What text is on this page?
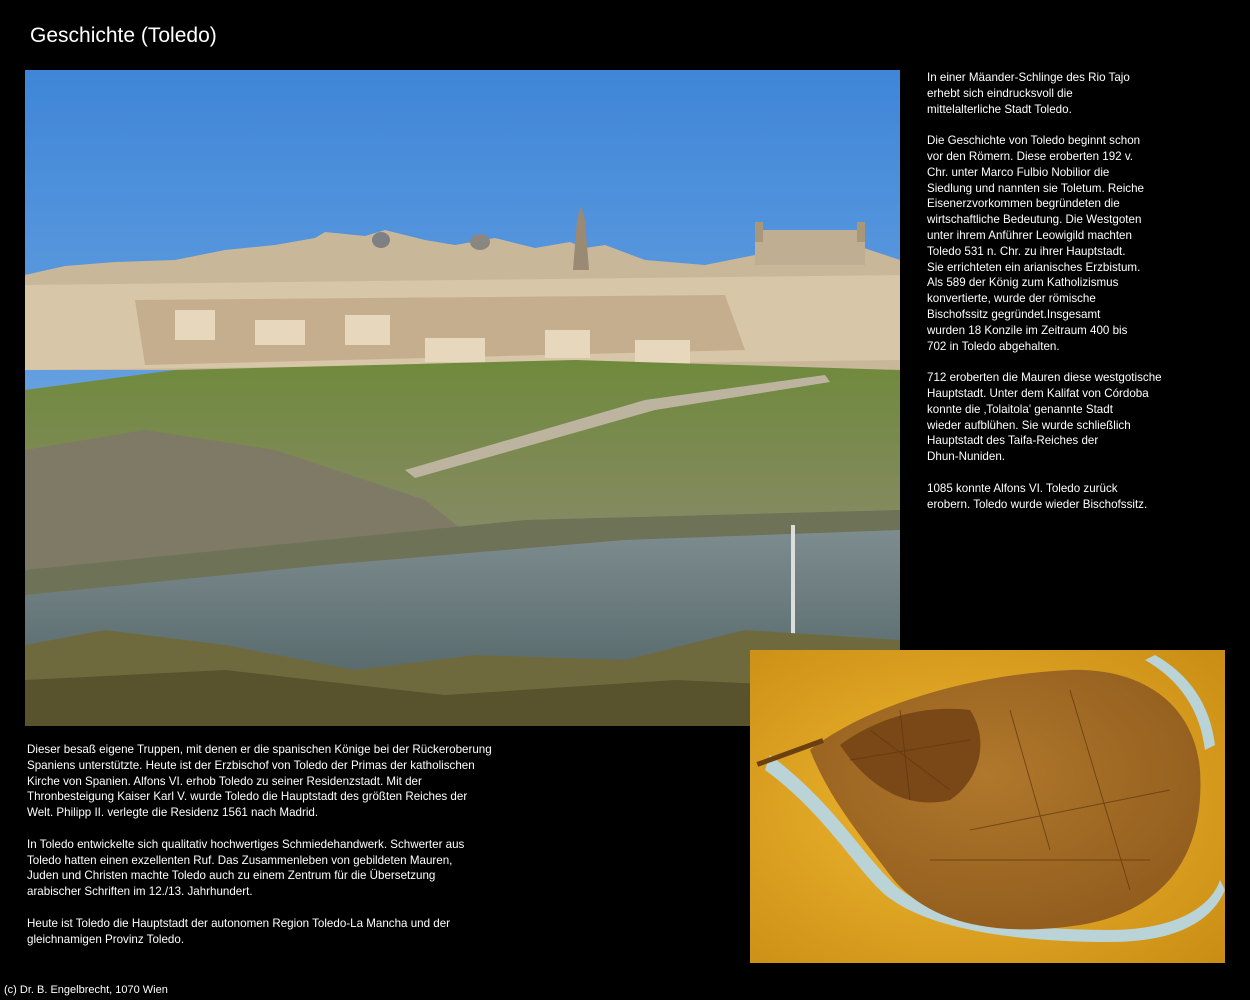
Geschichte (Toledo)

In einer Mäander-Schlinge des Rio Tajo
erhebt sich eindrucksvoll die
mittelalterliche Stadt Toledo.

Die Geschichte von Toledo beginnt schon
vor den Römern. Diese eroberten 192 v.
Chr. unter Marco Fulbio Nobilior die
Siedlung und nannten sie Toletum. Reiche
Eisenerzvorkommen begründeten die
wirtschaftliche Bedeutung. Die Westgoten
unter ihrem Anführer Leowigild machten
Toledo 531 n. Chr. zu ihrer Hauptstadt.
Sie errichteten ein arianisches Erzbistum.
Als 589 der König zum Katholizismus
konvertierte, wurde der römische
Bischofssitz gegründet.Insgesamt
wurden 18 Konzile im Zeitraum 400 bis
702 in Toledo abgehalten.

712 eroberten die Mauren diese westgotische
Hauptstadt. Unter dem Kalifat von Córdoba
konnte die ‚Tolaitola' genannte Stadt
wieder aufblühen. Sie wurde schließlich
Hauptstadt des Taifa-Reiches der
Dhun-Nuniden.

1085 konnte Alfons VI. Toledo zurück
erobern. Toledo wurde wieder Bischofssitz.

Dieser besaß eigene Truppen, mit denen er die spanischen Könige bei der Rückeroberung
Spaniens unterstützte. Heute ist der Erzbischof von Toledo der Primas der katholischen
Kirche von Spanien. Alfons VI. erhob Toledo zu seiner Residenzstadt. Mit der
Thronbesteigung Kaiser Karl V. wurde Toledo die Hauptstadt des größten Reiches der
Welt. Philipp II. verlegte die Residenz 1561 nach Madrid.

In Toledo entwickelte sich qualitativ hochwertiges Schmiedehandwerk. Schwerter aus
Toledo hatten einen exzellenten Ruf. Das Zusammenleben von gebildeten Mauren,
Juden und Christen machte Toledo auch zu einem Zentrum für die Übersetzung
arabischer Schriften im 12./13. Jahrhundert.

Heute ist Toledo die Hauptstadt der autonomen Region Toledo-La Mancha und der
gleichnamigen Provinz Toledo.

(c) Dr. B. Engelbrecht, 1070 Wien
